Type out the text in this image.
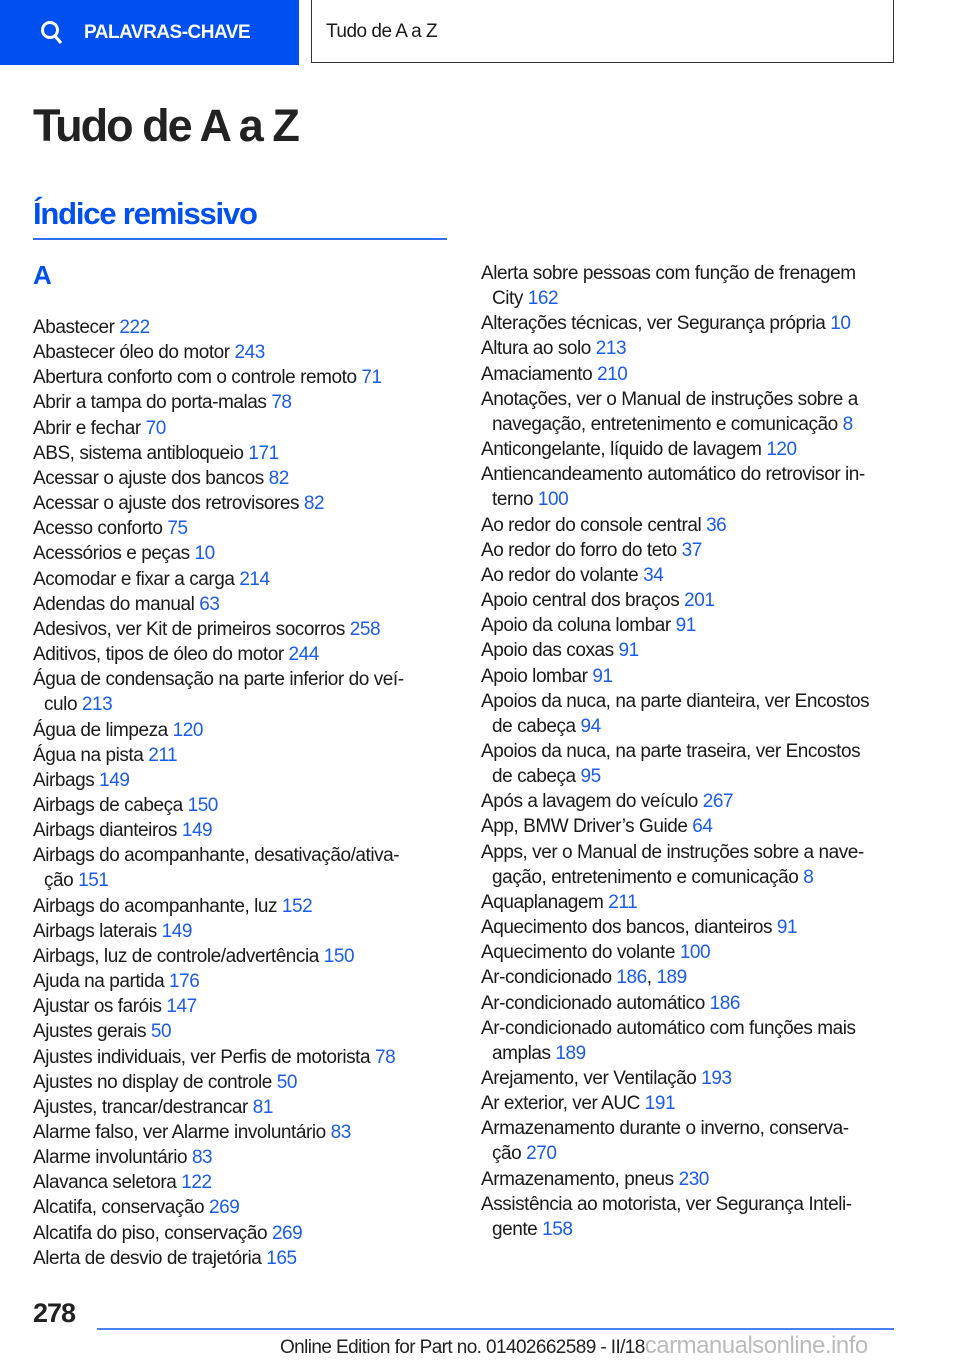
PALAVRAS-CHAVE	Tudo de A a Z
Tudo de A a Z
Índice remissivo
A
Abastecer 222
Abastecer óleo do motor 243
Abertura conforto com o controle remoto 71
Abrir a tampa do porta-malas 78
Abrir e fechar 70
ABS, sistema antibloqueio 171
Acessar o ajuste dos bancos 82
Acessar o ajuste dos retrovisores 82
Acesso conforto 75
Acessórios e peças 10
Acomodar e fixar a carga 214
Adendas do manual 63
Adesivos, ver Kit de primeiros socorros 258
Aditivos, tipos de óleo do motor 244
Água de condensação na parte inferior do veí-
culo 213
Água de limpeza 120
Água na pista 211
Airbags 149
Airbags de cabeça 150
Airbags dianteiros 149
Airbags do acompanhante, desativação/ativa-
ção 151
Airbags do acompanhante, luz 152
Airbags laterais 149
Airbags, luz de controle/advertência 150
Ajuda na partida 176
Ajustar os faróis 147
Ajustes gerais 50
Ajustes individuais, ver Perfis de motorista 78
Ajustes no display de controle 50
Ajustes, trancar/destrancar 81
Alarme falso, ver Alarme involuntário 83
Alarme involuntário 83
Alavanca seletora 122
Alcatifa, conservação 269
Alcatifa do piso, conservação 269
Alerta de desvio de trajetória 165
Alerta sobre pessoas com função de frenagem
City 162
Alterações técnicas, ver Segurança própria 10
Altura ao solo 213
Amaciamento 210
Anotações, ver o Manual de instruções sobre a
navegação, entretenimento e comunicação 8
Anticongelante, líquido de lavagem 120
Antiencandeamento automático do retrovisor in-
terno 100
Ao redor do console central 36
Ao redor do forro do teto 37
Ao redor do volante 34
Apoio central dos braços 201
Apoio da coluna lombar 91
Apoio das coxas 91
Apoio lombar 91
Apoios da nuca, na parte dianteira, ver Encostos
de cabeça 94
Apoios da nuca, na parte traseira, ver Encostos
de cabeça 95
Após a lavagem do veículo 267
App, BMW Driver’s Guide 64
Apps, ver o Manual de instruções sobre a nave-
gação, entretenimento e comunicação 8
Aquaplanagem 211
Aquecimento dos bancos, dianteiros 91
Aquecimento do volante 100
Ar-condicionado 186, 189
Ar-condicionado automático 186
Ar-condicionado automático com funções mais
amplas 189
Arejamento, ver Ventilação 193
Ar exterior, ver AUC 191
Armazenamento durante o inverno, conserva-
ção 270
Armazenamento, pneus 230
Assistência ao motorista, ver Segurança Inteli-
gente 158
278
Online Edition for Part no. 01402662589 - II/18carmanualsonline.info
